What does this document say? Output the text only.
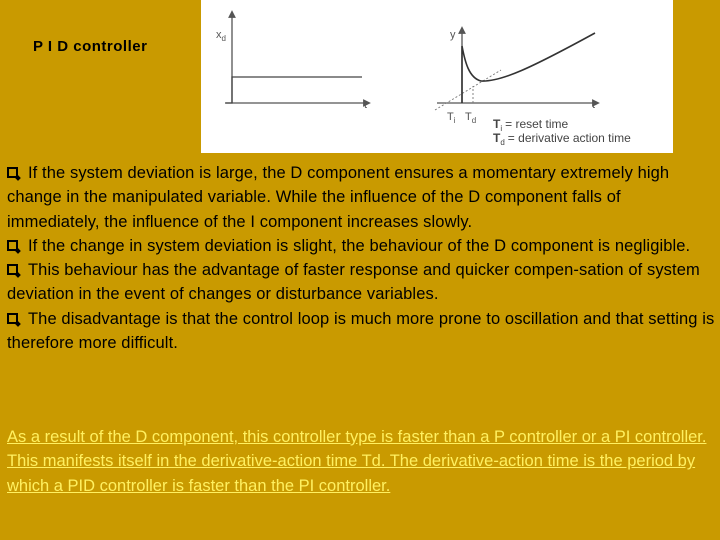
P I D controller
$x_d$
t
y
t
$T_i$ $T_d$ $T_i$ = reset time
$T_d$ = derivative action time

If the system deviation is large, the D component ensures a momentary extremely high change in the manipulated variable. While the influence of the D component falls of immediately, the influence of the I component increases slowly.

If the change in system deviation is slight, the behaviour of the D component is negligible.

This behaviour has the advantage of faster response and quicker compen-sation of system deviation in the event of changes or disturbance variables.

The disadvantage is that the control loop is much more prone to oscillation and that setting is therefore more difficult.

As a result of the D component, this controller type is faster than a P controller or a PI controller. This manifests itself in the derivative-action time Td. The derivative-action time is the period by which a PID controller is faster than the PI controller.
